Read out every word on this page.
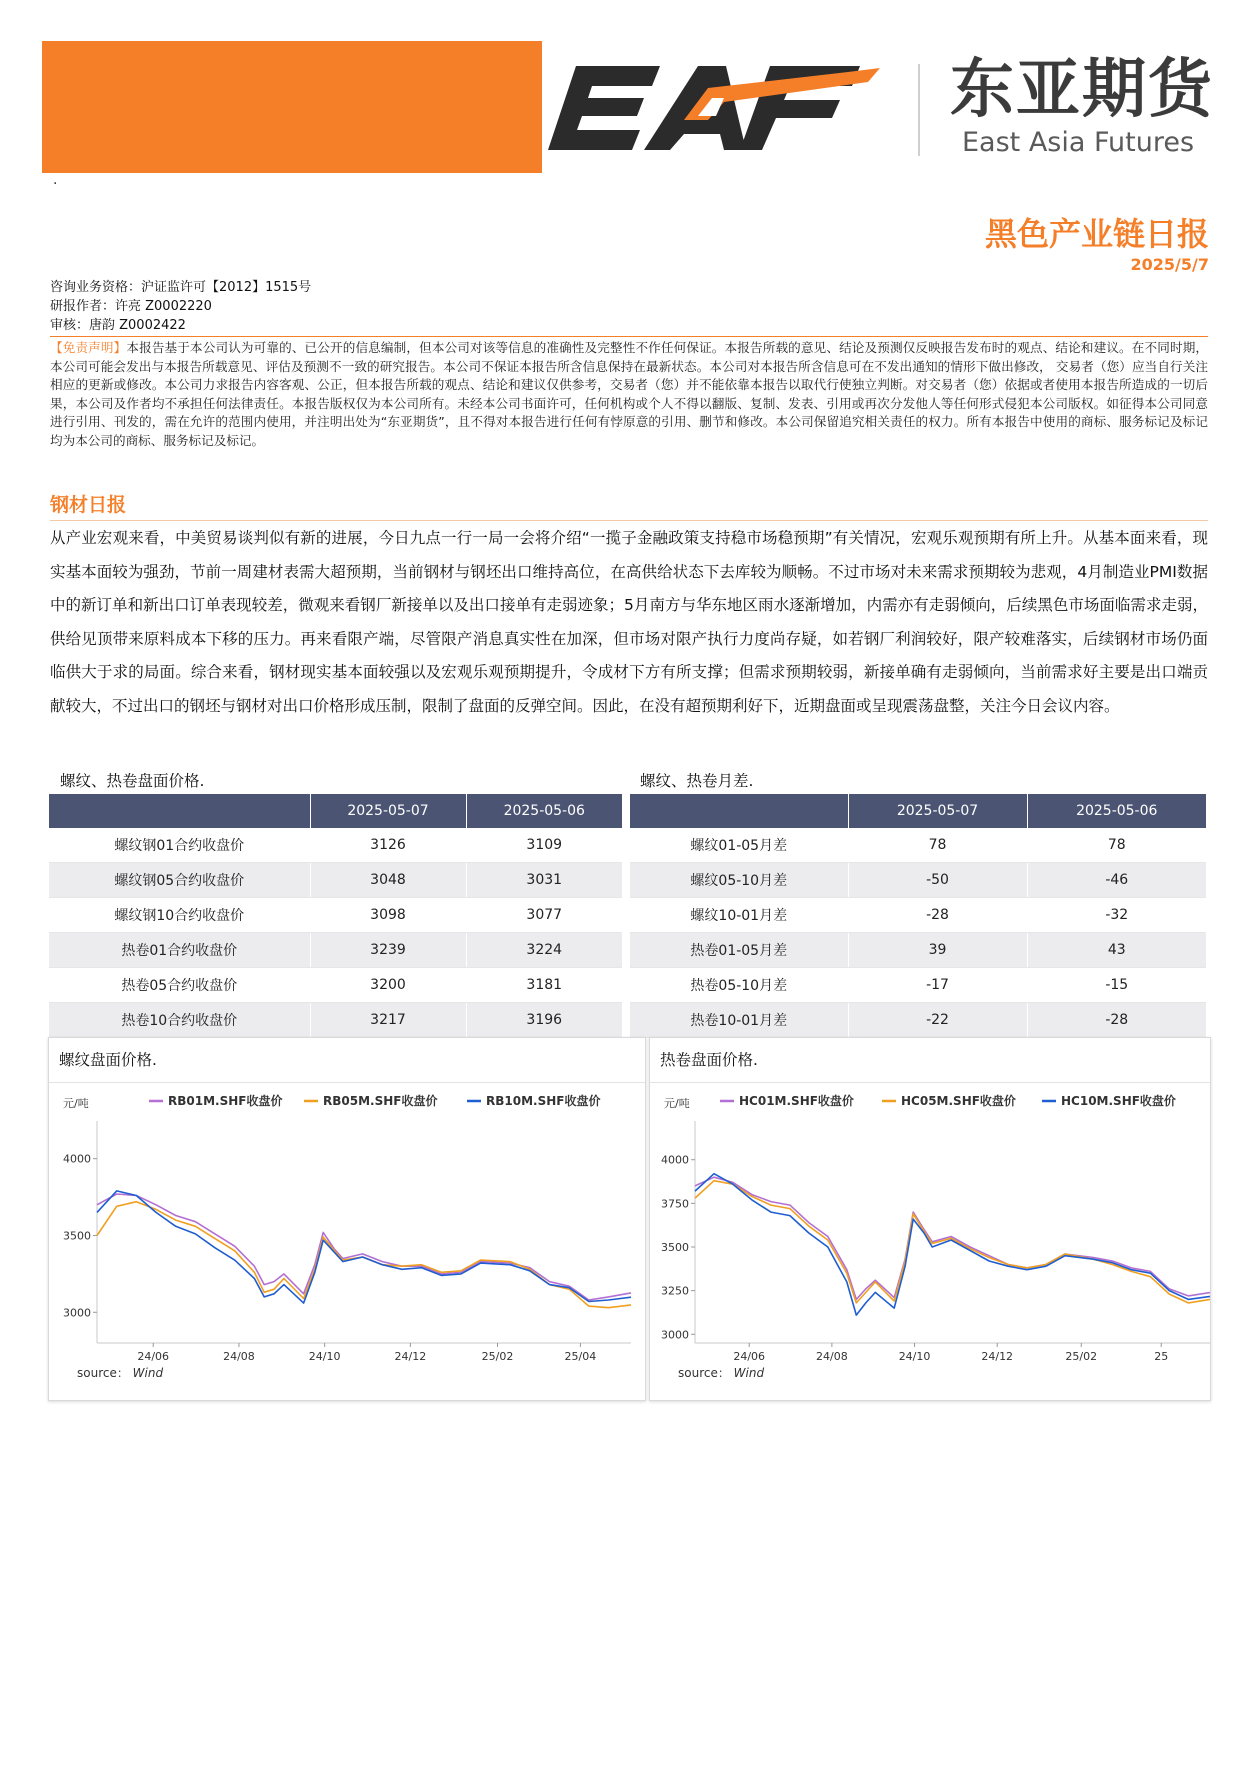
·
东亚期货
East Asia Futures
黑色产业链日报
2025/5/7
咨询业务资格：沪证监许可【2012】1515号
研报作者：许亮 Z0002220
审核：唐韵 Z0002422
【免责声明】本报告基于本公司认为可靠的、已公开的信息编制，但本公司对该等信息的准确性及完整性不作任何保证。本报告所载的意见、结论及预测仅反映报告发布时的观点、结论和建议。在不同时期，本公司可能会发出与本报告所载意见、评估及预测不一致的研究报告。本公司不保证本报告所含信息保持在最新状态。本公司对本报告所含信息可在不发出通知的情形下做出修改， 交易者（您）应当自行关注相应的更新或修改。本公司力求报告内容客观、公正，但本报告所载的观点、结论和建议仅供参考，交易者（您）并不能依靠本报告以取代行使独立判断。对交易者（您）依据或者使用本报告所造成的一切后果，本公司及作者均不承担任何法律责任。本报告版权仅为本公司所有。未经本公司书面许可，任何机构或个人不得以翻版、复制、发表、引用或再次分发他人等任何形式侵犯本公司版权。如征得本公司同意进行引用、刊发的，需在允许的范围内使用，并注明出处为“东亚期货”，且不得对本报告进行任何有悖原意的引用、删节和修改。本公司保留追究相关责任的权力。所有本报告中使用的商标、服务标记及标记均为本公司的商标、服务标记及标记。
钢材日报
从产业宏观来看，中美贸易谈判似有新的进展，今日九点一行一局一会将介绍“一揽子金融政策支持稳市场稳预期”有关情况，宏观乐观预期有所上升。从基本面来看，现实基本面较为强劲，节前一周建材表需大超预期，当前钢材与钢坯出口维持高位，在高供给状态下去库较为顺畅。不过市场对未来需求预期较为悲观，4月制造业PMI数据中的新订单和新出口订单表现较差，微观来看钢厂新接单以及出口接单有走弱迹象；5月南方与华东地区雨水逐渐增加，内需亦有走弱倾向，后续黑色市场面临需求走弱，供给见顶带来原料成本下移的压力。再来看限产端，尽管限产消息真实性在加深，但市场对限产执行力度尚存疑，如若钢厂利润较好，限产较难落实，后续钢材市场仍面临供大于求的局面。综合来看，钢材现实基本面较强以及宏观乐观预期提升，令成材下方有所支撑；但需求预期较弱，新接单确有走弱倾向，当前需求好主要是出口端贡献较大，不过出口的钢坯与钢材对出口价格形成压制，限制了盘面的反弹空间。因此，在没有超预期利好下，近期盘面或呈现震荡盘整，关注今日会议内容。
螺纹、热卷盘面价格.
	2025-05-07	2025-05-06
螺纹钢01合约收盘价	3126	3109
螺纹钢05合约收盘价	3048	3031
螺纹钢10合约收盘价	3098	3077
热卷01合约收盘价	3239	3224
热卷05合约收盘价	3200	3181
热卷10合约收盘价	3217	3196
螺纹、热卷月差.
	2025-05-07	2025-05-06
螺纹01-05月差	78	78
螺纹05-10月差	-50	-46
螺纹10-01月差	-28	-32
热卷01-05月差	39	43
热卷05-10月差	-17	-15
热卷10-01月差	-22	-28
螺纹盘面价格.
元/吨
3000
3500
4000
24/06	24/08	24/10	24/12	25/02	25/04
RB01M.SHF收盘价	RB05M.SHF收盘价	RB10M.SHF收盘价
source： Wind
热卷盘面价格.
元/吨
3000
3250
3500
3750
4000
24/06	24/08	24/10	24/12	25/02	25
HC01M.SHF收盘价	HC05M.SHF收盘价	HC10M.SHF收盘价
source： Wind
